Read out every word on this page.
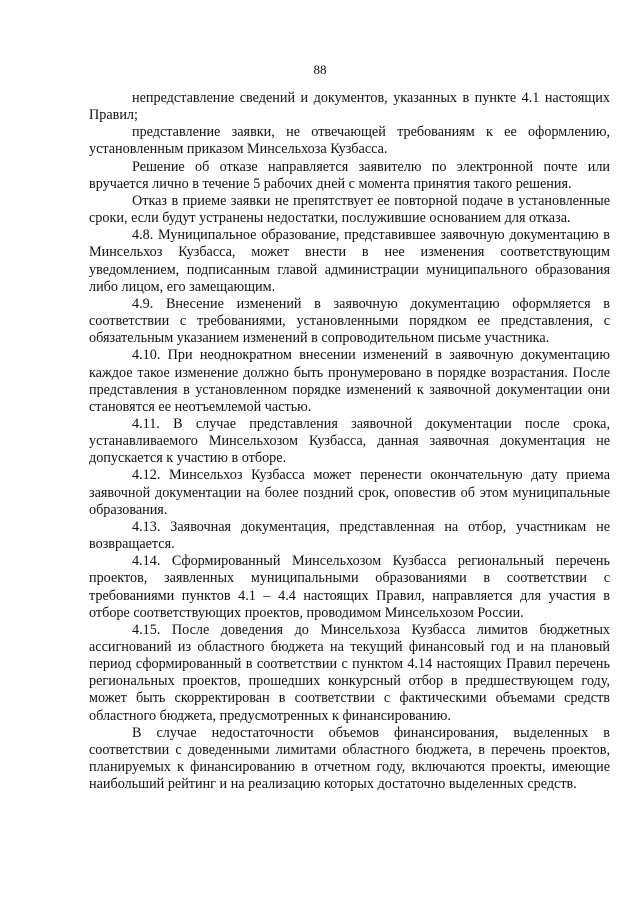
88

непредставление сведений и документов, указанных в пункте 4.1 настоящих Правил;

представление заявки, не отвечающей требованиям к ее оформлению, установленным приказом Минсельхоза Кузбасса.

Решение об отказе направляется заявителю по электронной почте или вручается лично в течение 5 рабочих дней с момента принятия такого решения.

Отказ в приеме заявки не препятствует ее повторной подаче в установленные сроки, если будут устранены недостатки, послужившие основанием для отказа.

4.8. Муниципальное образование, представившее заявочную документацию в Минсельхоз Кузбасса, может внести в нее изменения соответствующим уведомлением, подписанным главой администрации муниципального образования либо лицом, его замещающим.

4.9. Внесение изменений в заявочную документацию оформляется в соответствии с требованиями, установленными порядком ее представления, с обязательным указанием изменений в сопроводительном письме участника.

4.10. При неоднократном внесении изменений в заявочную документацию каждое такое изменение должно быть пронумеровано в порядке возрастания. После представления в установленном порядке изменений к заявочной документации они становятся ее неотъемлемой частью.

4.11. В случае представления заявочной документации после срока, устанавливаемого Минсельхозом Кузбасса, данная заявочная документация не допускается к участию в отборе.

4.12. Минсельхоз Кузбасса может перенести окончательную дату приема заявочной документации на более поздний срок, оповестив об этом муниципальные образования.

4.13. Заявочная документация, представленная на отбор, участникам не возвращается.

4.14. Сформированный Минсельхозом Кузбасса региональный перечень проектов, заявленных муниципальными образованиями в соответствии с требованиями пунктов 4.1 – 4.4 настоящих Правил, направляется для участия в отборе соответствующих проектов, проводимом Минсельхозом России.

4.15. После доведения до Минсельхоза Кузбасса лимитов бюджетных ассигнований из областного бюджета на текущий финансовый год и на плановый период сформированный в соответствии с пунктом 4.14 настоящих Правил перечень региональных проектов, прошедших конкурсный отбор в предшествующем году, может быть скорректирован в соответствии с фактическими объемами средств областного бюджета, предусмотренных к финансированию.

В случае недостаточности объемов финансирования, выделенных в соответствии с доведенными лимитами областного бюджета, в перечень проектов, планируемых к финансированию в отчетном году, включаются проекты, имеющие наибольший рейтинг и на реализацию которых достаточно выделенных средств.
